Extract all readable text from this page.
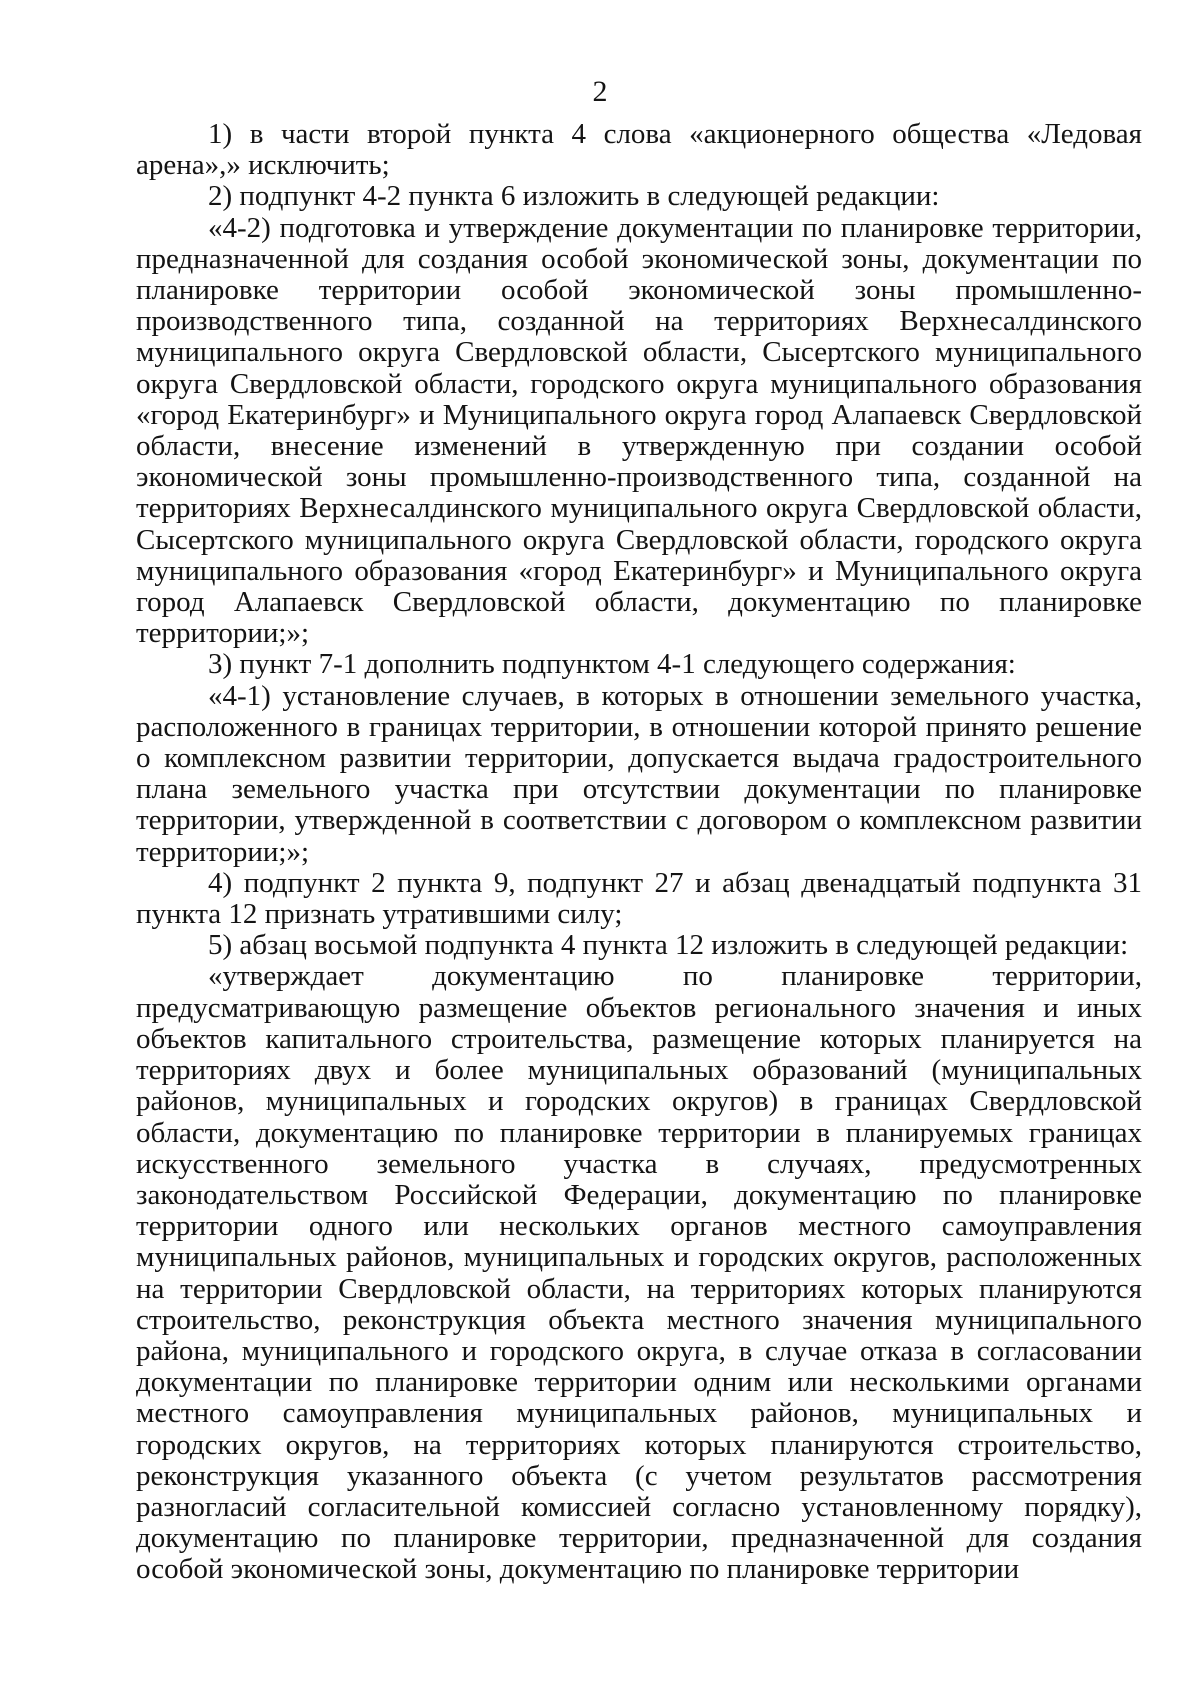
2

1) в части второй пункта 4 слова «акционерного общества «Ледовая арена»,» исключить;

2) подпункт 4-2 пункта 6 изложить в следующей редакции:

«4-2) подготовка и утверждение документации по планировке территории, предназначенной для создания особой экономической зоны, документации по планировке территории особой экономической зоны промышленно-производственного типа, созданной на территориях Верхнесалдинского муниципального округа Свердловской области, Сысертского муниципального округа Свердловской области, городского округа муниципального образования «город Екатеринбург» и Муниципального округа город Алапаевск Свердловской области, внесение изменений в утвержденную при создании особой экономической зоны промышленно-производственного типа, созданной на территориях Верхнесалдинского муниципального округа Свердловской области, Сысертского муниципального округа Свердловской области, городского округа муниципального образования «город Екатеринбург» и Муниципального округа город Алапаевск Свердловской области, документацию по планировке территории;»;

3) пункт 7-1 дополнить подпунктом 4-1 следующего содержания:

«4-1) установление случаев, в которых в отношении земельного участка, расположенного в границах территории, в отношении которой принято решение о комплексном развитии территории, допускается выдача градостроительного плана земельного участка при отсутствии документации по планировке территории, утвержденной в соответствии с договором о комплексном развитии территории;»;

4) подпункт 2 пункта 9, подпункт 27 и абзац двенадцатый подпункта 31 пункта 12 признать утратившими силу;

5) абзац восьмой подпункта 4 пункта 12 изложить в следующей редакции:

«утверждает документацию по планировке территории, предусматривающую размещение объектов регионального значения и иных объектов капитального строительства, размещение которых планируется на территориях двух и более муниципальных образований (муниципальных районов, муниципальных и городских округов) в границах Свердловской области, документацию по планировке территории в планируемых границах искусственного земельного участка в случаях, предусмотренных законодательством Российской Федерации, документацию по планировке территории одного или нескольких органов местного самоуправления муниципальных районов, муниципальных и городских округов, расположенных на территории Свердловской области, на территориях которых планируются строительство, реконструкция объекта местного значения муниципального района, муниципального и городского округа, в случае отказа в согласовании документации по планировке территории одним или несколькими органами местного самоуправления муниципальных районов, муниципальных и городских округов, на территориях которых планируются строительство, реконструкция указанного объекта (с учетом результатов рассмотрения разногласий согласительной комиссией согласно установленному порядку), документацию по планировке территории, предназначенной для создания особой экономической зоны, документацию по планировке территории
